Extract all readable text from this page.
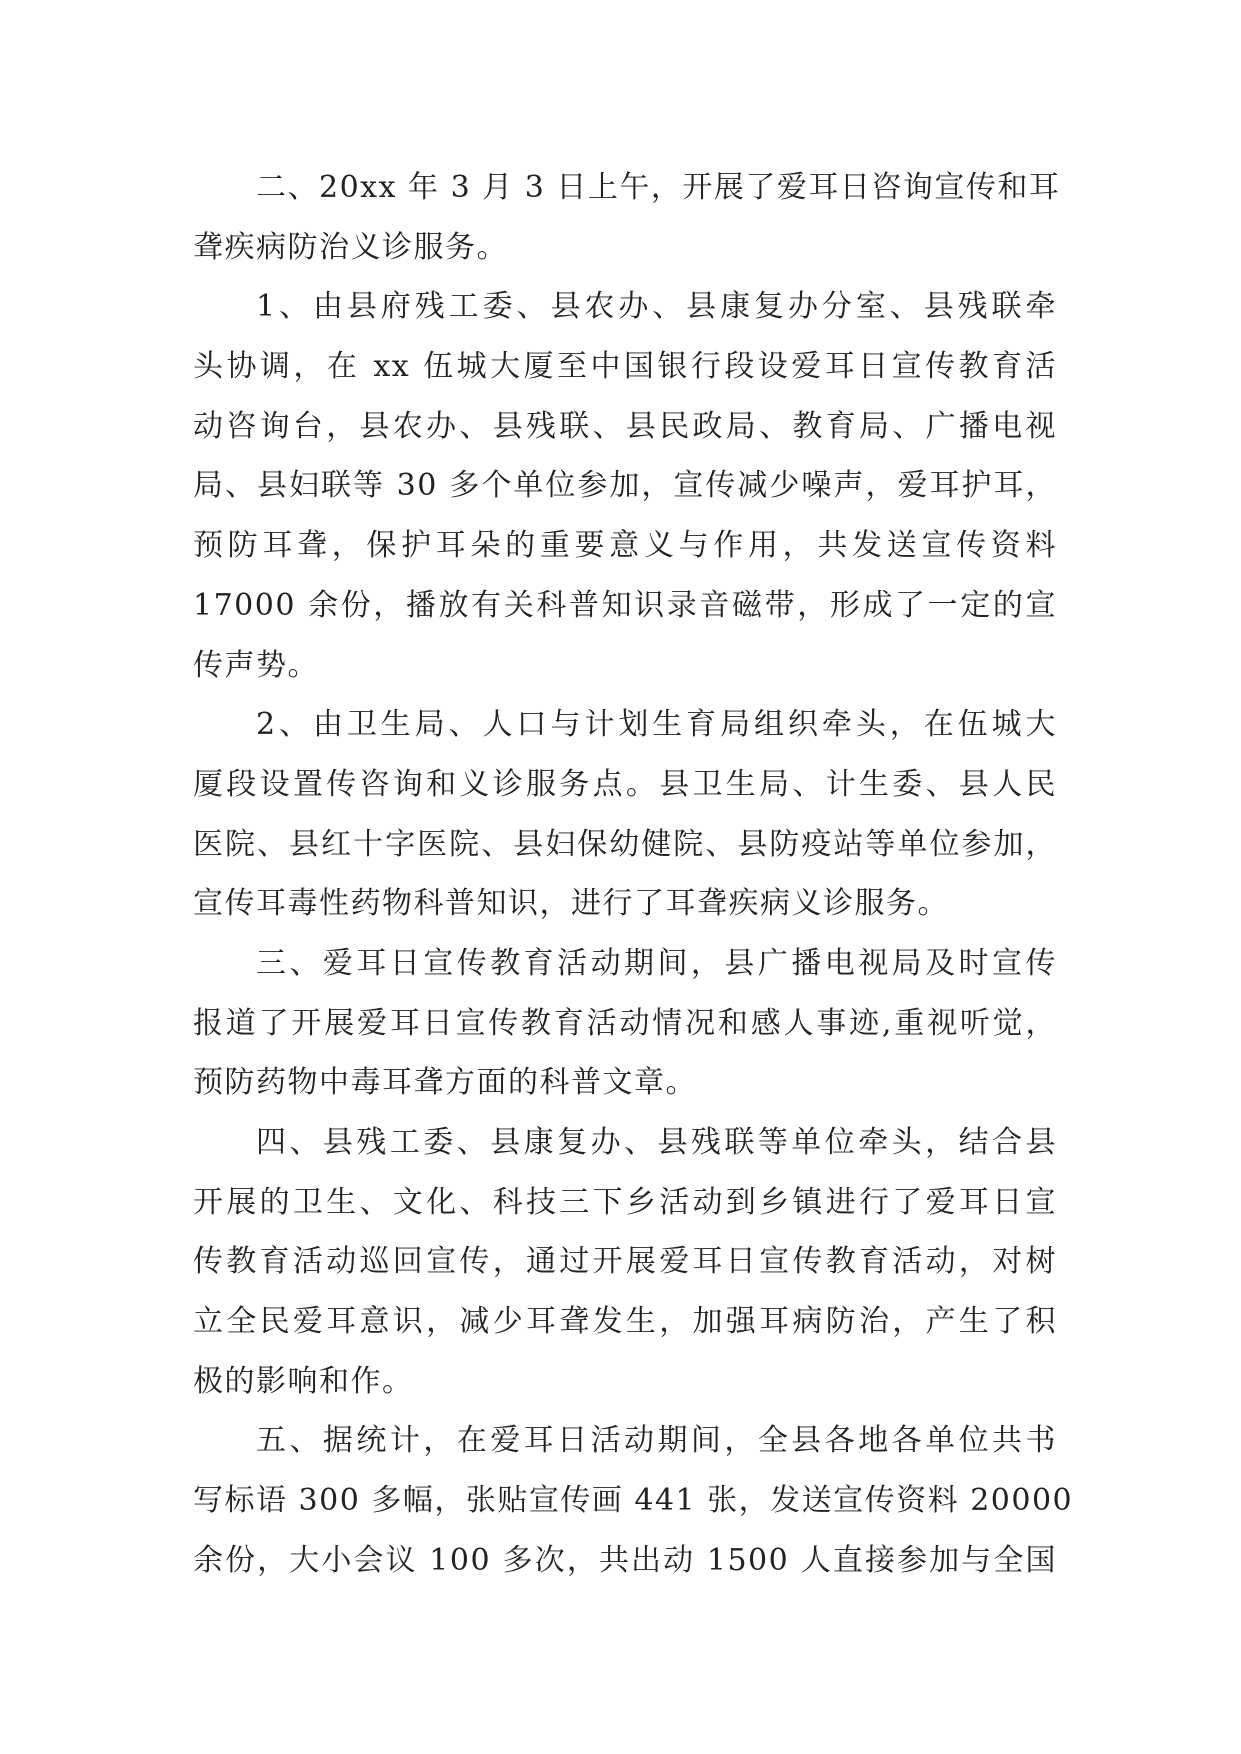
二、20xx 年 3 月 3 日上午，开展了爱耳日咨询宣传和耳
聋疾病防治义诊服务。
1、由县府残工委、县农办、县康复办分室、县残联牵
头协调，在 xx 伍城大厦至中国银行段设爱耳日宣传教育活
动咨询台，县农办、县残联、县民政局、教育局、广播电视
局、县妇联等 30 多个单位参加，宣传减少噪声，爱耳护耳，
预防耳聋，保护耳朵的重要意义与作用，共发送宣传资料
17000 余份，播放有关科普知识录音磁带，形成了一定的宣
传声势。
2、由卫生局、人口与计划生育局组织牵头，在伍城大
厦段设置传咨询和义诊服务点。县卫生局、计生委、县人民
医院、县红十字医院、县妇保幼健院、县防疫站等单位参加，
宣传耳毒性药物科普知识，进行了耳聋疾病义诊服务。
三、爱耳日宣传教育活动期间，县广播电视局及时宣传
报道了开展爱耳日宣传教育活动情况和感人事迹,重视听觉，
预防药物中毒耳聋方面的科普文章。
四、县残工委、县康复办、县残联等单位牵头，结合县
开展的卫生、文化、科技三下乡活动到乡镇进行了爱耳日宣
传教育活动巡回宣传，通过开展爱耳日宣传教育活动，对树
立全民爱耳意识，减少耳聋发生，加强耳病防治，产生了积
极的影响和作。
五、据统计，在爱耳日活动期间，全县各地各单位共书
写标语 300 多幅，张贴宣传画 441 张，发送宣传资料 20000
余份，大小会议 100 多次，共出动 1500 人直接参加与全国
